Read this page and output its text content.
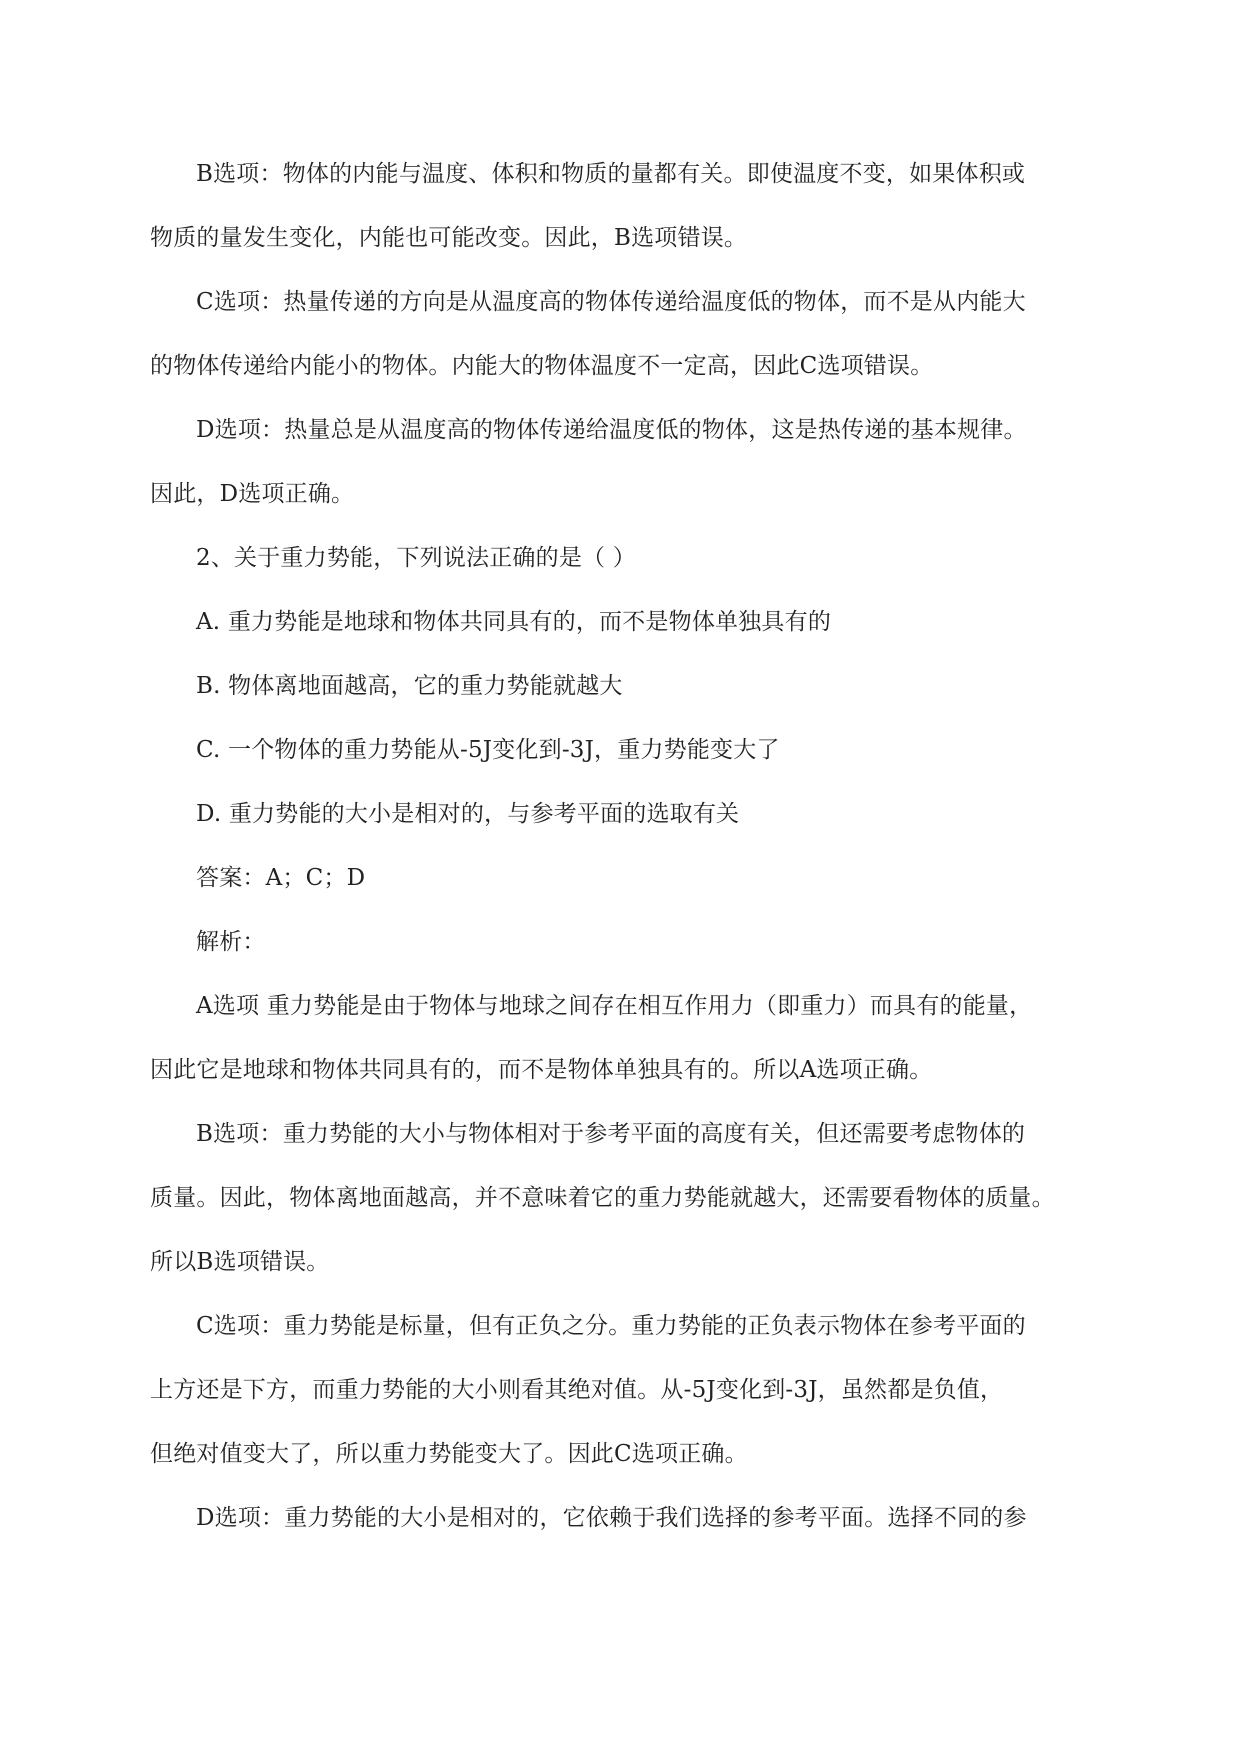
B选项：物体的内能与温度、体积和物质的量都有关。即使温度不变，如果体积或
物质的量发生变化，内能也可能改变。因此，B选项错误。
C选项：热量传递的方向是从温度高的物体传递给温度低的物体，而不是从内能大
的物体传递给内能小的物体。内能大的物体温度不一定高，因此C选项错误。
D选项：热量总是从温度高的物体传递给温度低的物体，这是热传递的基本规律。
因此，D选项正确。
2、关于重力势能，下列说法正确的是（ ）
A. 重力势能是地球和物体共同具有的，而不是物体单独具有的
B. 物体离地面越高，它的重力势能就越大
C. 一个物体的重力势能从-5J变化到-3J，重力势能变大了
D. 重力势能的大小是相对的，与参考平面的选取有关
答案：A；C；D
解析：
A选项 重力势能是由于物体与地球之间存在相互作用力（即重力）而具有的能量，
因此它是地球和物体共同具有的，而不是物体单独具有的。所以A选项正确。
B选项：重力势能的大小与物体相对于参考平面的高度有关，但还需要考虑物体的
质量。因此，物体离地面越高，并不意味着它的重力势能就越大，还需要看物体的质量。
所以B选项错误。
C选项：重力势能是标量，但有正负之分。重力势能的正负表示物体在参考平面的
上方还是下方，而重力势能的大小则看其绝对值。从-5J变化到-3J，虽然都是负值，
但绝对值变大了，所以重力势能变大了。因此C选项正确。
D选项：重力势能的大小是相对的，它依赖于我们选择的参考平面。选择不同的参
